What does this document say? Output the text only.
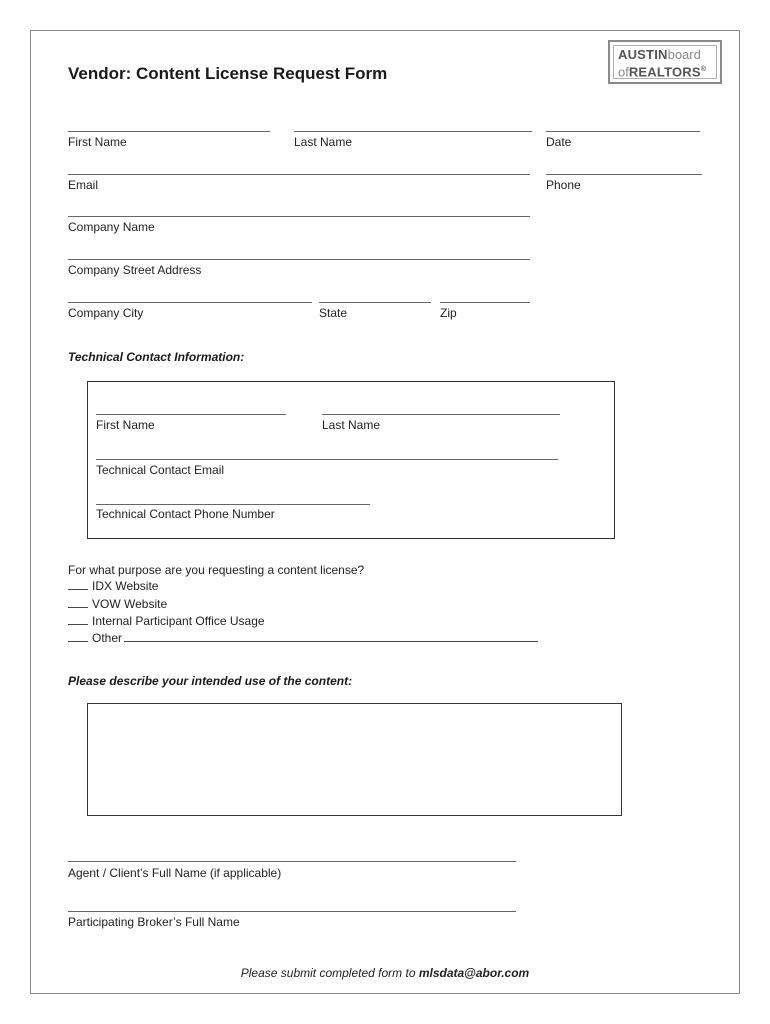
Vendor: Content License Request Form
AUSTINboard
ofREALTORS®
First Name	Last Name	Date
Email	Phone
Company Name
Company Street Address
Company City	State	Zip
Technical Contact Information:
First Name	Last Name
Technical Contact Email
Technical Contact Phone Number
For what purpose are you requesting a content license?
IDX Website
VOW Website
Internal Participant Office Usage
Other
Please describe your intended use of the content:
Agent / Client’s Full Name (if applicable)
Participating Broker’s Full Name
Please submit completed form to mlsdata@abor.com
